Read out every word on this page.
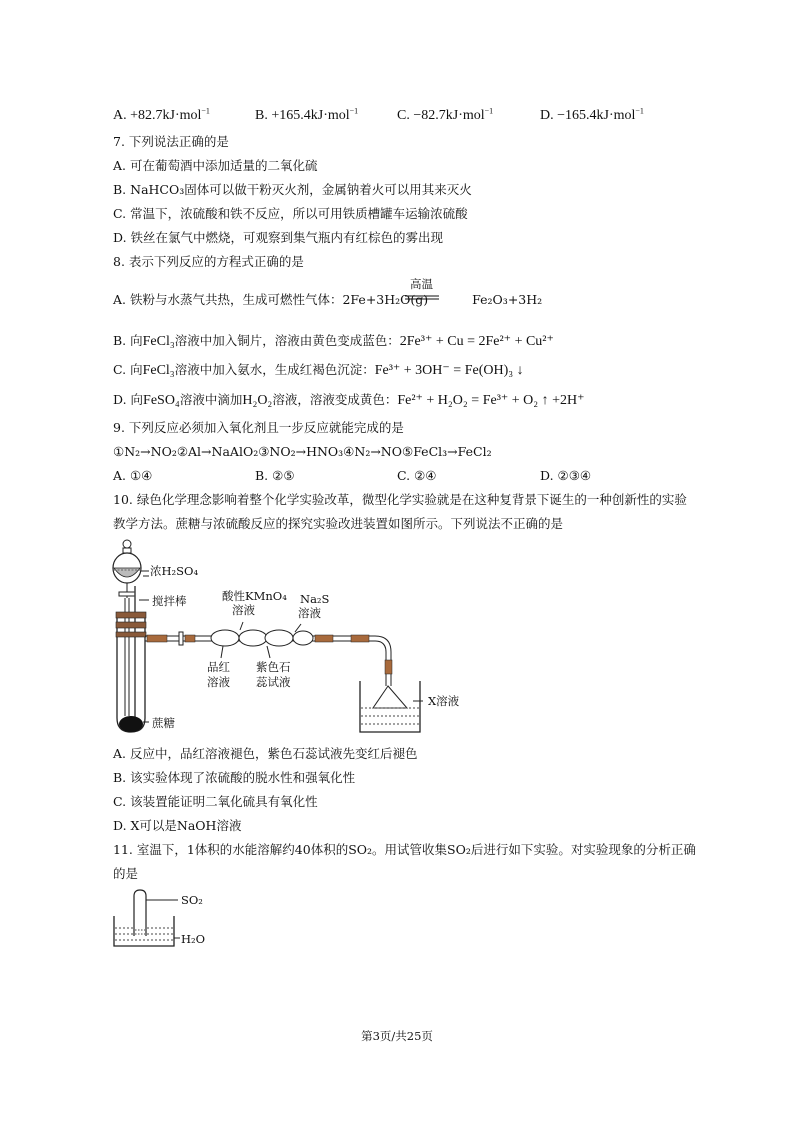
A. +82.7kJ·mol$^{-1}$	B. +165.4kJ·mol$^{-1}$	C. −82.7kJ·mol$^{-1}$	D. −165.4kJ·mol$^{-1}$
7. 下列说法正确的是
A. 可在葡萄酒中添加适量的二氧化硫
B. NaHCO₃固体可以做干粉灭火剂，金属钠着火可以用其来灭火
C. 常温下，浓硫酸和铁不反应，所以可用铁质槽罐车运输浓硫酸
D. 铁丝在氯气中燃烧，可观察到集气瓶内有红棕色的雾出现
8. 表示下列反应的方程式正确的是
A. 铁粉与水蒸气共热，生成可燃性气体：2Fe+3H₂O(g)	Fe₂O₃+3H₂
高温
B. 向FeCl₃溶液中加入铜片，溶液由黄色变成蓝色：2Fe³⁺ + Cu = 2Fe²⁺ + Cu²⁺
C. 向FeCl₃溶液中加入氨水，生成红褐色沉淀：Fe³⁺ + 3OH⁻ = Fe(OH)₃ ↓
D. 向FeSO₄溶液中滴加H₂O₂溶液，溶液变成黄色：Fe²⁺ + H₂O₂ = Fe³⁺ + O₂ ↑ +2H⁺
9. 下列反应必须加入氧化剂且一步反应就能完成的是
①N₂→NO₂②Al→NaAlO₂③NO₂→HNO₃④N₂→NO⑤FeCl₃→FeCl₂
A. ①④	B. ②⑤	C. ②④	D. ②③④
10. 绿色化学理念影响着整个化学实验改革，微型化学实验就是在这种复背景下诞生的一种创新性的实验
教学方法。蔗糖与浓硫酸反应的探究实验改进装置如图所示。下列说法不正确的是
浓H₂SO₄
搅拌棒	酸性KMnO₄
溶液
Na₂S
溶液
品红
溶液
紫色石
蕊试液
X溶液
蔗糖
A. 反应中，品红溶液褪色，紫色石蕊试液先变红后褪色
B. 该实验体现了浓硫酸的脱水性和强氧化性
C. 该装置能证明二氧化硫具有氧化性
D. X可以是NaOH溶液
11. 室温下，1体积的水能溶解约40体积的SO₂。用试管收集SO₂后进行如下实验。对实验现象的分析正确
的是
SO₂
H₂O
第3页/共25页
